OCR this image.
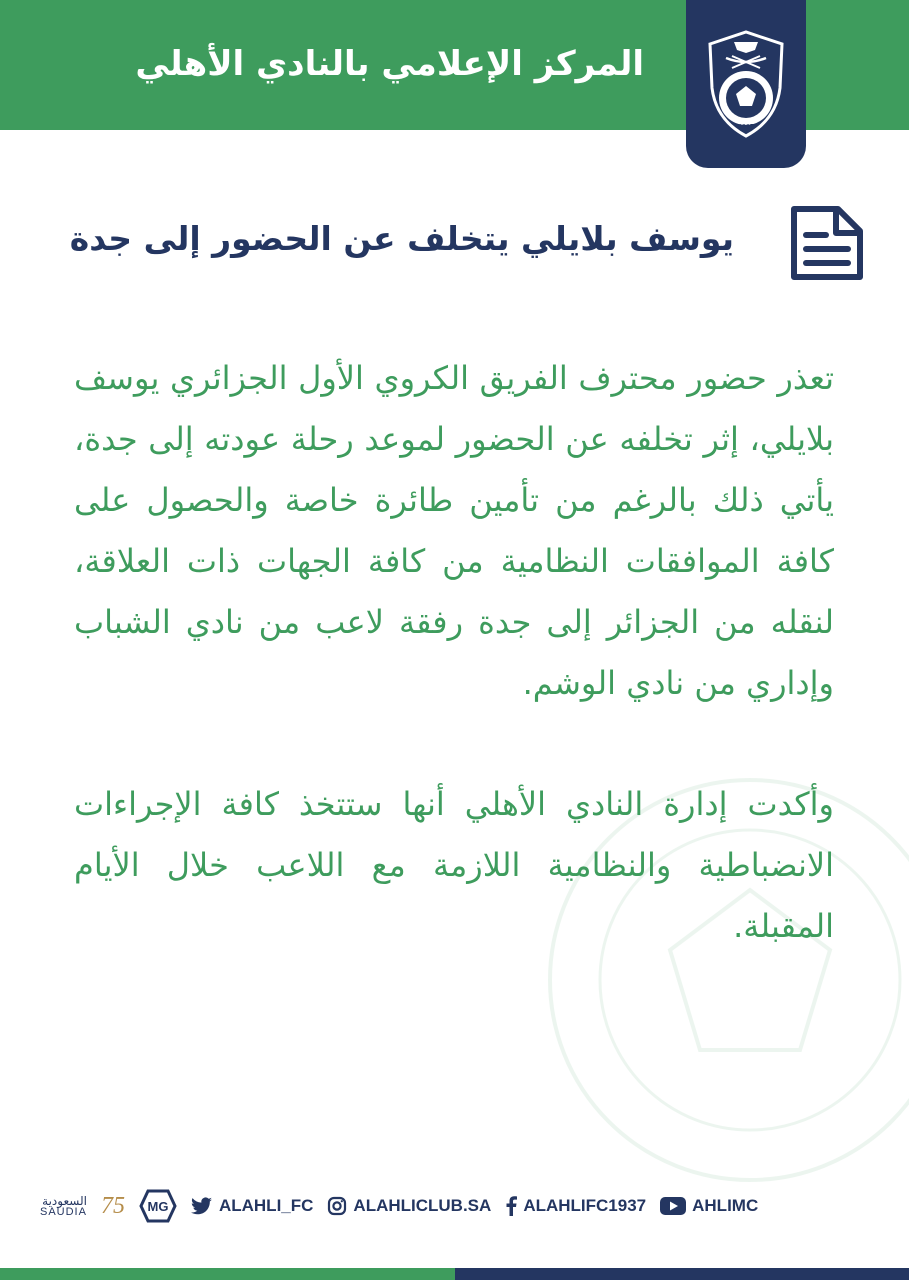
المركز الإعلامي بالنادي الأهلي
1937
يوسف بلايلي يتخلف عن الحضور إلى جدة

تعذر حضور محترف الفريق الكروي الأول الجزائري يوسف بلايلي، إثر تخلفه عن الحضور لموعد رحلة عودته إلى جدة، يأتي ذلك بالرغم من تأمين طائرة خاصة والحصول على كافة الموافقات النظامية من كافة الجهات ذات العلاقة، لنقله من الجزائر إلى جدة رفقة لاعب من نادي الشباب وإداري من نادي الوشم.

وأكدت إدارة النادي الأهلي أنها ستتخذ كافة الإجراءات الانضباطية والنظامية اللازمة مع اللاعب خلال الأيام المقبلة.

السعودية
SAUDIA 75 MG	ALAHLI_FC ALAHLICLUB.SA ALAHLIFC1937	AHLIMC
